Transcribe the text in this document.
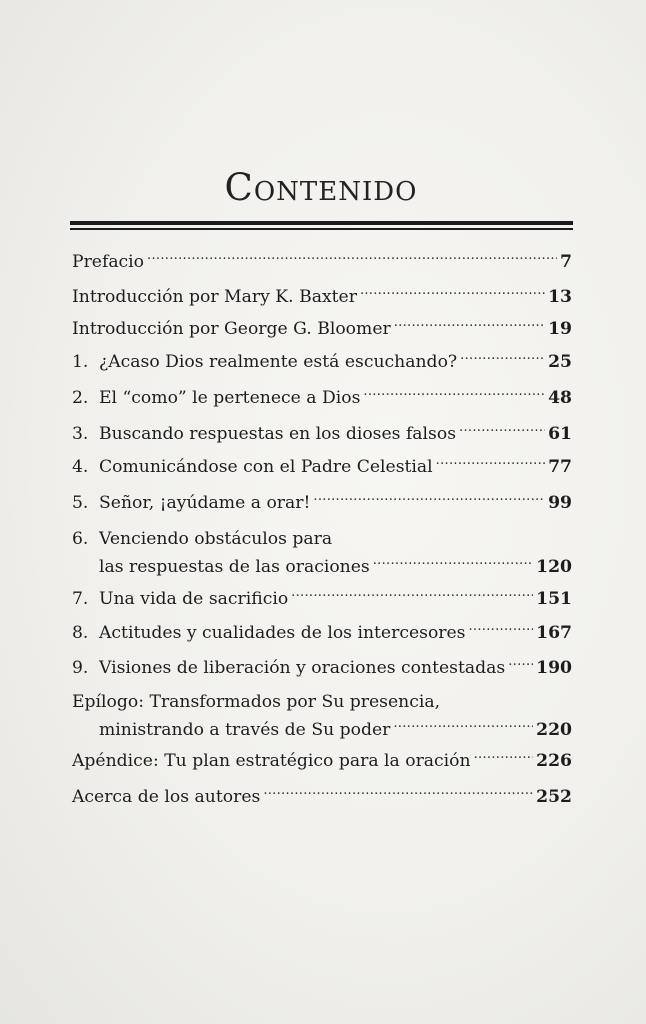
Contenido
Prefacio .....	7
Introducción por Mary K. Baxter .....	13
Introducción por George G. Bloomer .....	19
1. ¿Acaso Dios realmente está escuchando? .....	25
2. El “como” le pertenece a Dios .....	48
3. Buscando respuestas en los dioses falsos .....	61
4. Comunicándose con el Padre Celestial .....	77
5. Señor, ¡ayúdame a orar! .....	99
6. Venciendo obstáculos para
las respuestas de las oraciones .....	120
7. Una vida de sacrificio .....	151
8. Actitudes y cualidades de los intercesores .....	167
9. Visiones de liberación y oraciones contestadas ..... 190
Epílogo: Transformados por Su presencia,
ministrando a través de Su poder .....	220
Apéndice: Tu plan estratégico para la oración .....	226
Acerca de los autores .....	252
